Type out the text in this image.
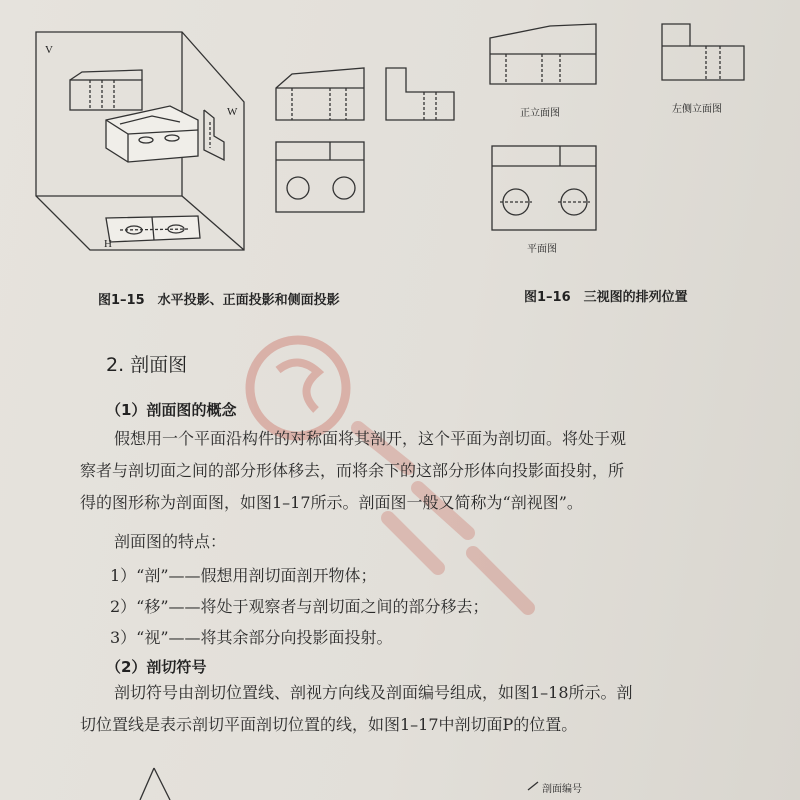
V
W
H
正立面图	左侧立面图
平面图
图1–15　水平投影、正面投影和侧面投影	图1–16　三视图的排列位置
2. 剖面图
（1）剖面图的概念
假想用一个平面沿构件的对称面将其剖开，这个平面为剖切面。将处于观
察者与剖切面之间的部分形体移去，而将余下的这部分形体向投影面投射，所
得的图形称为剖面图，如图1–17所示。剖面图一般又简称为“剖视图”。
剖面图的特点：
1）“剖”——假想用剖切面剖开物体；
2）“移”——将处于观察者与剖切面之间的部分移去；
3）“视”——将其余部分向投影面投射。
（2）剖切符号
剖切符号由剖切位置线、剖视方向线及剖面编号组成，如图1–18所示。剖
切位置线是表示剖切平面剖切位置的线，如图1–17中剖切面P的位置。
剖面编号
